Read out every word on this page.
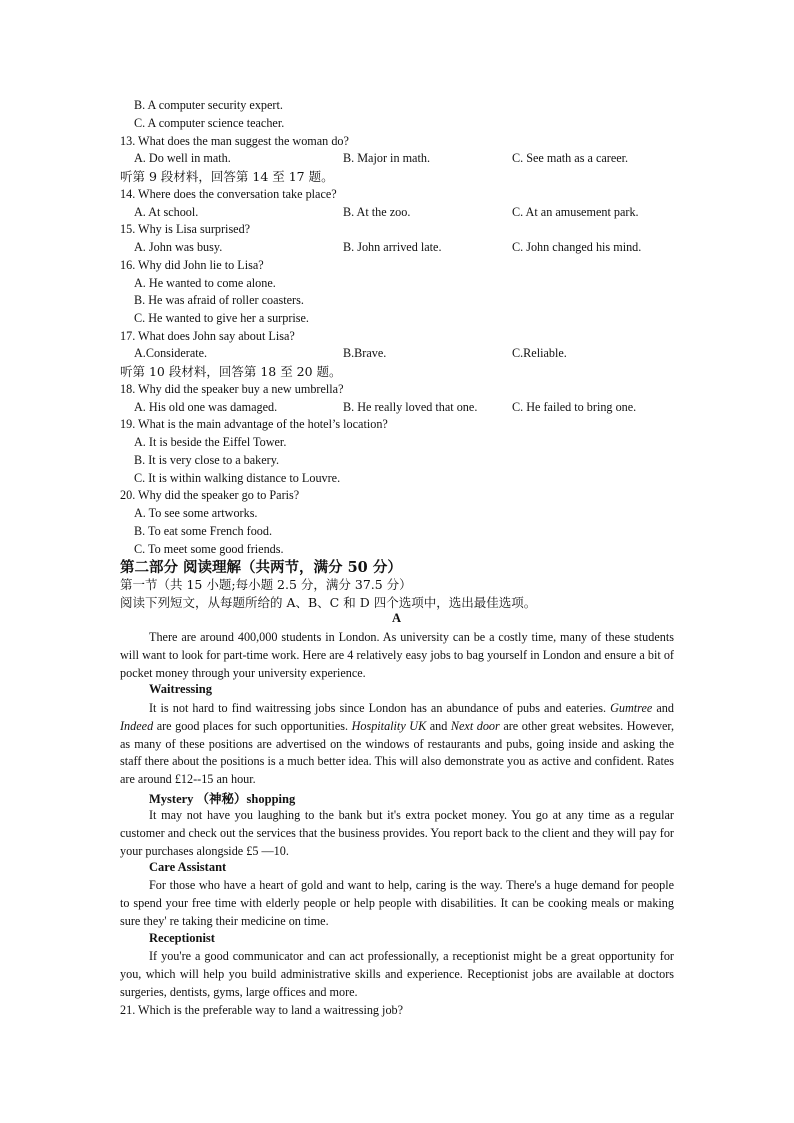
B. A computer security expert.
C. A computer science teacher.
13. What does the man suggest the woman do?
A. Do well in math.	B. Major in math.	C. See math as a career.
听第 9 段材料，回答第 14 至 17 题。
14. Where does the conversation take place?
A. At school.	B. At the zoo.	C. At an amusement park.
15. Why is Lisa surprised?
A. John was busy.	B. John arrived late.	C. John changed his mind.
16. Why did John lie to Lisa?
A. He wanted to come alone.
B. He was afraid of roller coasters.
C. He wanted to give her a surprise.
17. What does John say about Lisa?
A.Considerate.	B.Brave.	C.Reliable.
听第 10 段材料，回答第 18 至 20 题。
18. Why did the speaker buy a new umbrella?
A. His old one was damaged.	B. He really loved that one.	C. He failed to bring one.
19. What is the main advantage of the hotel’s location?
A. It is beside the Eiffel Tower.
B. It is very close to a bakery.
C. It is within walking distance to Louvre.
20. Why did the speaker go to Paris?
A. To see some artworks.
B. To eat some French food.
C. To meet some good friends.
第二部分 阅读理解（共两节，满分 50 分）
第一节（共 15 小题;每小题 2.5 分，满分 37.5 分）
阅读下列短文，从每题所给的 A、B、C 和 D 四个选项中，选出最佳选项。
A
There are around 400,000 students in London. As university can be a costly time, many of these students will want to look for part-time work. Here are 4 relatively easy jobs to bag yourself in London and ensure a bit of pocket money through your university experience.
Waitressing
It is not hard to find waitressing jobs since London has an abundance of pubs and eateries. Gumtree and Indeed are good places for such opportunities. Hospitality UK and Next door are other great websites. However, as many of these positions are advertised on the windows of restaurants and pubs, going inside and asking the staff there about the positions is a much better idea. This will also demonstrate you as active and confident. Rates are around £12--15 an hour.
Mystery （神秘）shopping
It may not have you laughing to the bank but it's extra pocket money. You go at any time as a regular customer and check out the services that the business provides. You report back to the client and they will pay for your purchases alongside £5 —10.
Care Assistant
For those who have a heart of gold and want to help, caring is the way. There's a huge demand for people to spend your free time with elderly people or help people with disabilities. It can be cooking meals or making sure they' re taking their medicine on time.
Receptionist
If you're a good communicator and can act professionally, a receptionist might be a great opportunity for you, which will help you build administrative skills and experience. Receptionist jobs are available at doctors surgeries, dentists, gyms, large offices and more.
21. Which is the preferable way to land a waitressing job?
